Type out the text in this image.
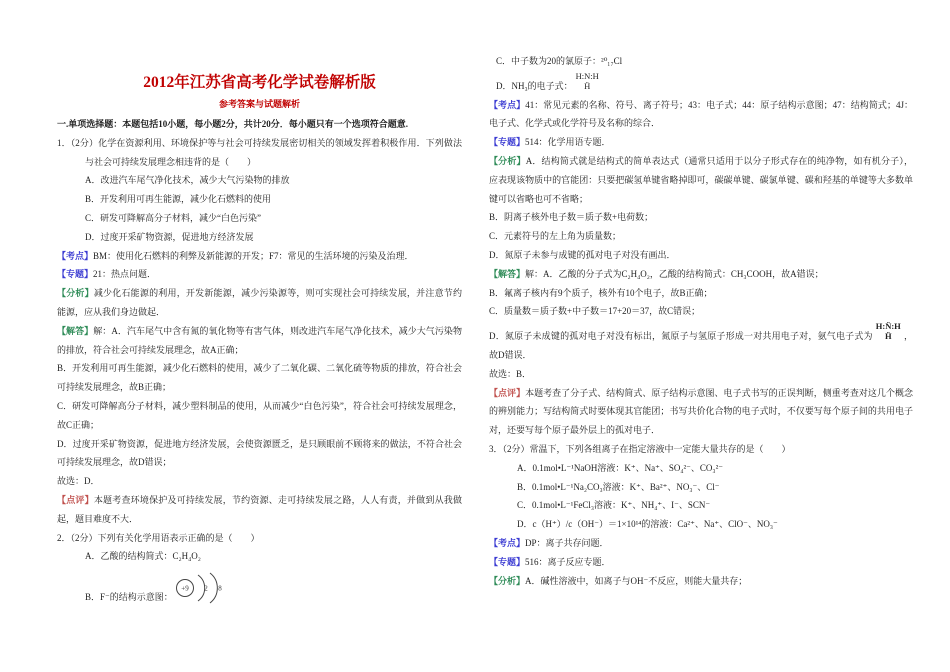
2012年江苏省高考化学试卷解析版
参考答案与试题解析

一.单项选择题：本题包括10小题，每小题2分，共计20分．每小题只有一个选项符合题意.

1．（2分）化学在资源利用、环境保护等与社会可持续发展密切相关的领域发挥着积极作用．下列做法与社会可持续发展理念相违背的是（　　）

A．改进汽车尾气净化技术，减少大气污染物的排放

B．开发利用可再生能源，减少化石燃料的使用

C．研发可降解高分子材料，减少“白色污染”

D．过度开采矿物资源，促进地方经济发展

【考点】BM：使用化石燃料的利弊及新能源的开发；F7：常见的生活环境的污染及治理．

【专题】21：热点问题．

【分析】减少化石能源的利用，开发新能源，减少污染源等，则可实现社会可持续发展，并注意节约能源，应从我们身边做起．

【解答】解：A．汽车尾气中含有氮的氧化物等有害气体，则改进汽车尾气净化技术，减少大气污染物的排放，符合社会可持续发展理念，故A正确；

B．开发利用可再生能源，减少化石燃料的使用，减少了二氧化碳、二氧化硫等物质的排放，符合社会可持续发展理念，故B正确；

C．研发可降解高分子材料，减少塑料制品的使用，从而减少“白色污染”，符合社会可持续发展理念，故C正确；

D．过度开采矿物资源，促进地方经济发展，会使资源匮乏，是只顾眼前不顾将来的做法，不符合社会可持续发展理念，故D错误；

故选：D．

【点评】本题考查环境保护及可持续发展，节约资源、走可持续发展之路，人人有责，并做到从我做起，题目难度不大．

2．（2分）下列有关化学用语表示正确的是（　　）

A．乙酸的结构简式：C₂H₄O₂

B．F⁻的结构示意图：
+9 2 8

C．中子数为20的氯原子：²⁰₁₇Cl

D．NH₃的电子式：
H:N:H
Ḧ

【考点】41：常见元素的名称、符号、离子符号；43：电子式；44：原子结构示意图；47：结构简式；4J：电子式、化学式或化学符号及名称的综合．

【专题】514：化学用语专题．

【分析】A．结构简式就是结构式的简单表达式（通常只适用于以分子形式存在的纯净物，如有机分子），应表现该物质中的官能团：只要把碳氢单键省略掉即可，碳碳单键、碳氯单键、碳和羟基的单键等大多数单键可以省略也可不省略；

B．阴离子核外电子数＝质子数+电荷数；

C．元素符号的左上角为质量数；

D．氮原子未参与成键的孤对电子对没有画出．

【解答】解：A．乙酸的分子式为C₂H₄O₂，乙酸的结构简式：CH₃COOH，故A错误；

B．氟离子核内有9个质子，核外有10个电子，故B正确；

C．质量数＝质子数+中子数＝17+20＝37，故C错误；

D．氮原子未成键的孤对电子对没有标出，氮原子与氢原子形成一对共用电子对，氨气电子式为
H:N̈:H
Ḧ	，故D错误．

故选：B．

【点评】本题考查了分子式、结构简式、原子结构示意图、电子式书写的正误判断，侧重考查对这几个概念的辨别能力；写结构简式时要体现其官能团；书写共价化合物的电子式时，不仅要写每个原子间的共用电子对，还要写每个原子最外层上的孤对电子．

3．（2分）常温下，下列各组离子在指定溶液中一定能大量共存的是（　　）

A．0.1mol•L⁻¹NaOH溶液：K⁺、Na⁺、SO₄²⁻、CO₃²⁻

B．0.1mol•L⁻¹Na₂CO₃溶液：K⁺、Ba²⁺、NO₃⁻、Cl⁻

C．0.1mol•L⁻¹FeCl₃溶液：K⁺、NH₄⁺、I⁻、SCN⁻

D．c（H⁺）/c（OH⁻）＝1×10¹⁴的溶液：Ca²⁺、Na⁺、ClO⁻、NO₃⁻

【考点】DP：离子共存问题．

【专题】516：离子反应专题．

【分析】A．碱性溶液中，如离子与OH⁻不反应，则能大量共存；
